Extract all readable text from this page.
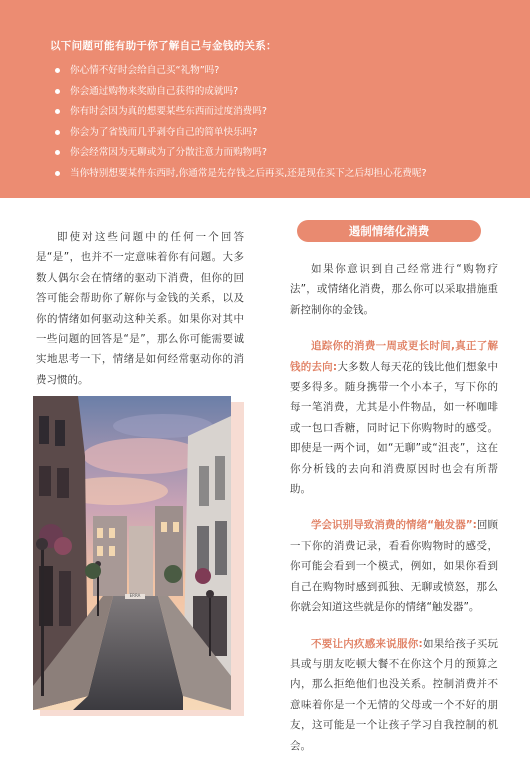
以下问题可能有助于你了解自己与金钱的关系：
你心情不好时会给自己买“礼物”吗?
你会通过购物来奖励自己获得的成就吗?
你有时会因为真的想要某些东西而过度消费吗?
你会为了省钱而几乎剥夺自己的简单快乐吗?
你会经常因为无聊或为了分散注意力而购物吗?
当你特别想要某件东西时,你通常是先存钱之后再买,还是现在买下之后却担心花费呢?

即使对这些问题中的任何一个回答是“是”，也并不一定意味着你有问题。大多数人偶尔会在情绪的驱动下消费，但你的回答可能会帮助你了解你与金钱的关系，以及你的情绪如何驱动这种关系。如果你对其中一些问题的回答是“是”，那么你可能需要诚实地思考一下，情绪是如何经常驱动你的消费习惯的。

ERRA
遏制情绪化消费

如果你意识到自己经常进行“购物疗法”，或情绪化消费，那么你可以采取措施重新控制你的金钱。

追踪你的消费一周或更长时间,真正了解钱的去向:大多数人每天花的钱比他们想象中要多得多。随身携带一个小本子，写下你的每一笔消费，尤其是小件物品，如一杯咖啡或一包口香糖，同时记下你购物时的感受。即使是一两个词，如“无聊”或“沮丧”，这在你分析钱的去向和消费原因时也会有所帮助。

学会识别导致消费的情绪“触发器”:回顾一下你的消费记录，看看你购物时的感受，你可能会看到一个模式，例如，如果你看到自己在购物时感到孤独、无聊或愤怒，那么你就会知道这些就是你的情绪“触发器”。

不要让内疚感来说服你:如果给孩子买玩具或与朋友吃顿大餐不在你这个月的预算之内，那么拒绝他们也没关系。控制消费并不意味着你是一个无情的父母或一个不好的朋友，这可能是一个让孩子学习自我控制的机会。
